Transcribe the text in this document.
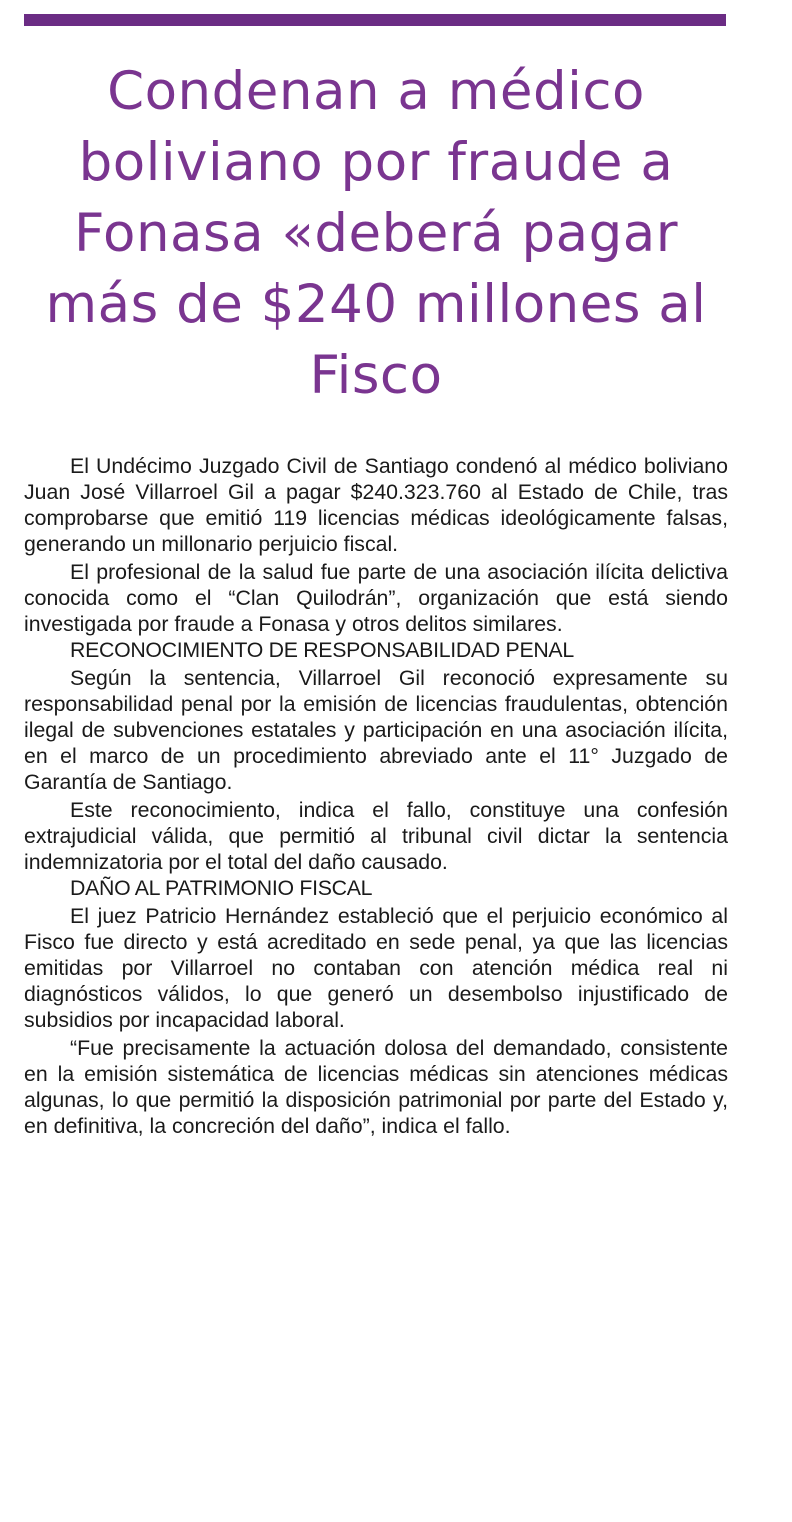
Condenan a médico boliviano por fraude a Fonasa «deberá pagar más de $240 millones al Fisco

El Undécimo Juzgado Civil de Santiago condenó al médico boliviano Juan José Villarroel Gil a pagar $240.323.760 al Estado de Chile, tras comprobarse que emitió 119 licencias médicas ideológicamente falsas, generando un millonario perjuicio fiscal.

El profesional de la salud fue parte de una asociación ilícita delictiva conocida como el “Clan Quilodrán”, organización que está siendo investigada por fraude a Fonasa y otros delitos similares.

RECONOCIMIENTO DE RESPONSABILIDAD PENAL

Según la sentencia, Villarroel Gil reconoció expresamente su responsabilidad penal por la emisión de licencias fraudulentas, obtención ilegal de subvenciones estatales y participación en una asociación ilícita, en el marco de un procedimiento abreviado ante el 11° Juzgado de Garantía de Santiago.

Este reconocimiento, indica el fallo, constituye una confesión extrajudicial válida, que permitió al tribunal civil dictar la sentencia indemnizatoria por el total del daño causado.

DAÑO AL PATRIMONIO FISCAL

El juez Patricio Hernández estableció que el perjuicio económico al Fisco fue directo y está acreditado en sede penal, ya que las licencias emitidas por Villarroel no contaban con atención médica real ni diagnósticos válidos, lo que generó un desembolso injustificado de subsidios por incapacidad laboral.

“Fue precisamente la actuación dolosa del demandado, consistente en la emisión sistemática de licencias médicas sin atenciones médicas algunas, lo que permitió la disposición patrimonial por parte del Estado y, en definitiva, la concreción del daño”, indica el fallo.
